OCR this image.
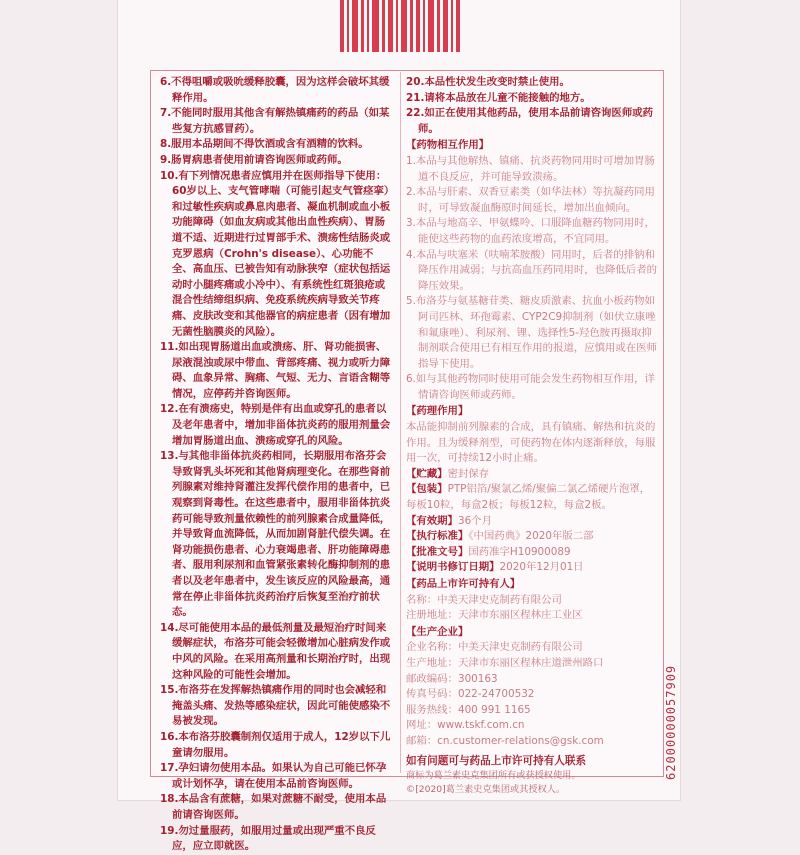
62000000057909
6.不得咀嚼或吸吮缓释胶囊，因为这样会破坏其缓释作用。
7.不能同时服用其他含有解热镇痛药的药品（如某些复方抗感冒药）。
8.服用本品期间不得饮酒或含有酒精的饮料。
9.肠胃病患者使用前请咨询医师或药师。
10.有下列情况患者应慎用并在医师指导下使用：60岁以上、支气管哮喘（可能引起支气管痉挛）和过敏性疾病或鼻息肉患者、凝血机制或血小板功能障碍（如血友病或其他出血性疾病）、胃肠道不适、近期进行过胃部手术、溃疡性结肠炎或克罗恩病（Crohn's disease）、心功能不全、高血压、已被告知有动脉狭窄（症状包括运动时小腿疼痛或小冷中）、有系统性红斑狼疮或混合性结缔组织病、免疫系统疾病导致关节疼痛、皮肤改变和其他器官的病症患者（因有增加无菌性脑膜炎的风险）。
11.如出现胃肠道出血或溃疡、肝、肾功能损害、尿液混浊或尿中带血、背部疼痛、视力或听力障碍、血象异常、胸痛、气短、无力、言语含糊等情况，应停药并咨询医师。
12.在有溃疡史，特别是伴有出血或穿孔的患者以及老年患者中，增加非甾体抗炎药的服用剂量会增加胃肠道出血、溃疡或穿孔的风险。
13.与其他非甾体抗炎药相同，长期服用布洛芬会导致肾乳头坏死和其他肾病理变化。在那些肾前列腺素对维持肾灌注发挥代偿作用的患者中，已观察到肾毒性。在这些患者中，服用非甾体抗炎药可能导致剂量依赖性的前列腺素合成量降低，并导致肾血流降低，从而加剧肾脏代偿失调。在肾功能损伤患者、心力衰竭患者、肝功能障碍患者、服用利尿剂和血管紧张素转化酶抑制剂的患者以及老年患者中，发生该反应的风险最高，通常在停止非甾体抗炎药治疗后恢复至治疗前状态。
14.尽可能使用本品的最低剂量及最短治疗时间来缓解症状，布洛芬可能会轻微增加心脏病发作或中风的风险。在采用高剂量和长期治疗时，出现这种风险的可能性会增加。
15.布洛芬在发挥解热镇痛作用的同时也会减轻和掩盖头痛、发热等感染症状，因此可能使感染不易被发现。
16.本布洛芬胶囊制剂仅适用于成人，12岁以下儿童请勿服用。
17.孕妇请勿使用本品。如果认为自己可能已怀孕或计划怀孕，请在使用本品前咨询医师。
18.本品含有蔗糖，如果对蔗糖不耐受，使用本品前请咨询医师。
19.勿过量服药，如服用过量或出现严重不良反应，应立即就医。
20.本品性状发生改变时禁止使用。
21.请将本品放在儿童不能接触的地方。
22.如正在使用其他药品，使用本品前请咨询医师或药师。
【药物相互作用】
1.本品与其他解热、镇痛、抗炎药物同用时可增加胃肠道不良反应，并可能导致溃疡。
2.本品与肝素、双香豆素类（如华法林）等抗凝药同用时，可导致凝血酶原时间延长，增加出血倾向。
3.本品与地高辛、甲氨蝶呤、口服降血糖药物同用时，能使这些药物的血药浓度增高，不宜同用。
4.本品与呋塞米（呋喃苯胺酸）同用时，后者的排钠和降压作用减弱；与抗高血压药同用时，也降低后者的降压效果。
5.布洛芬与氨基糖苷类、糖皮质激素、抗血小板药物如阿司匹林、环孢霉素、CYP2C9抑制剂（如伏立康唑和氟康唑）、利尿剂、锂、选择性5-羟色胺再摄取抑制剂联合使用已有相互作用的报道，应慎用或在医师指导下使用。
6.如与其他药物同时使用可能会发生药物相互作用，详情请咨询医师或药师。
【药理作用】
本品能抑制前列腺素的合成，具有镇痛、解热和抗炎的作用。且为缓释剂型，可使药物在体内逐渐释放，每服用一次，可持续12小时止痛。
【贮藏】密封保存
【包装】PTP铝箔/聚氯乙烯/聚偏二氯乙烯硬片泡罩，每板10粒，每盒2板；每板12粒，每盒2板。
【有效期】36个月
【执行标准】《中国药典》2020年版二部
【批准文号】国药准字H10900089
【说明书修订日期】2020年12月01日
【药品上市许可持有人】
名称：中美天津史克制药有限公司
注册地址：天津市东丽区程林庄工业区
【生产企业】
企业名称：中美天津史克制药有限公司
生产地址：天津市东丽区程林庄道泄州路口
邮政编码：300163
传真号码：022-24700532
服务热线：400 991 1165
网址：www.tskf.com.cn
邮箱：cn.customer-relations@gsk.com
如有问题可与药品上市许可持有人联系
商标为葛兰素史克集团所有或获授权使用。
©[2020]葛兰素史克集团或其授权人。
